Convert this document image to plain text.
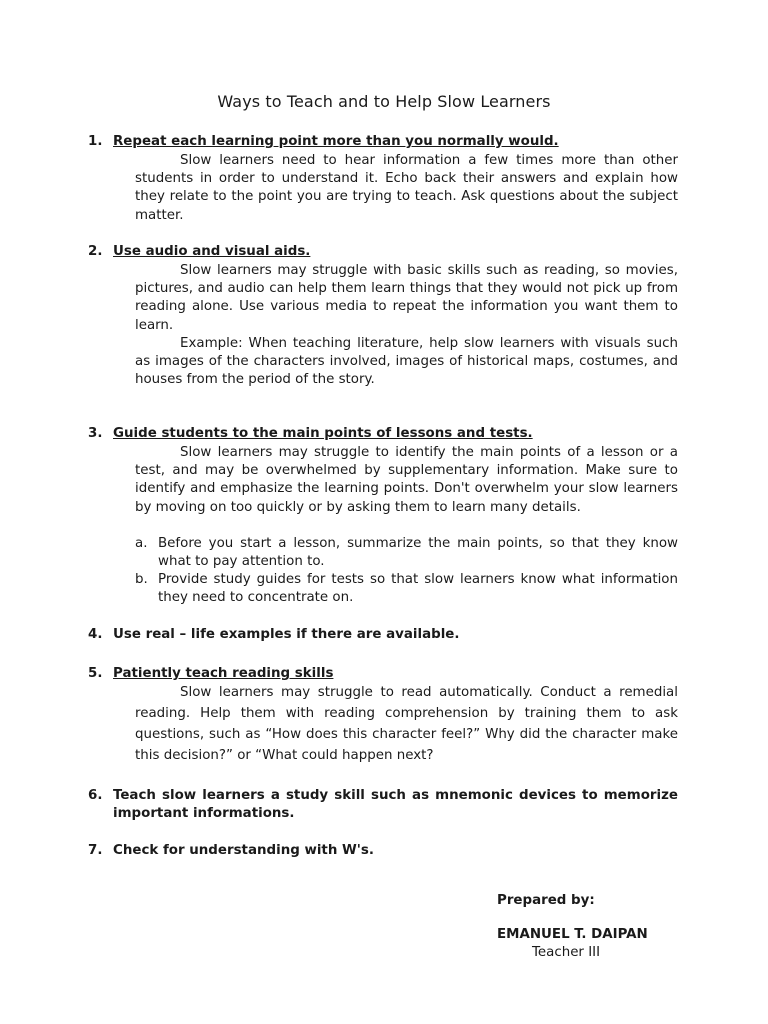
Ways to Teach and to Help Slow Learners
1. Repeat each learning point more than you normally would.
Slow learners need to hear information a few times more than other students in order to understand it. Echo back their answers and explain how they relate to the point you are trying to teach. Ask questions about the subject matter.
2. Use audio and visual aids.
Slow learners may struggle with basic skills such as reading, so movies, pictures, and audio can help them learn things that they would not pick up from reading alone. Use various media to repeat the information you want them to learn.
Example: When teaching literature, help slow learners with visuals such as images of the characters involved, images of historical maps, costumes, and houses from the period of the story.
3. Guide students to the main points of lessons and tests.
Slow learners may struggle to identify the main points of a lesson or a test, and may be overwhelmed by supplementary information. Make sure to identify and emphasize the learning points. Don't overwhelm your slow learners by moving on too quickly or by asking them to learn many details.
a. Before you start a lesson, summarize the main points, so that they know what to pay attention to.
b. Provide study guides for tests so that slow learners know what information they need to concentrate on.
4. Use real – life examples if there are available.
5. Patiently teach reading skills
Slow learners may struggle to read automatically. Conduct a remedial reading. Help them with reading comprehension by training them to ask questions, such as “How does this character feel?” Why did the character make this decision?” or “What could happen next?
6. Teach slow learners a study skill such as mnemonic devices to memorize important informations.
7. Check for understanding with W's.
Prepared by:
EMANUEL T. DAIPAN
Teacher III
